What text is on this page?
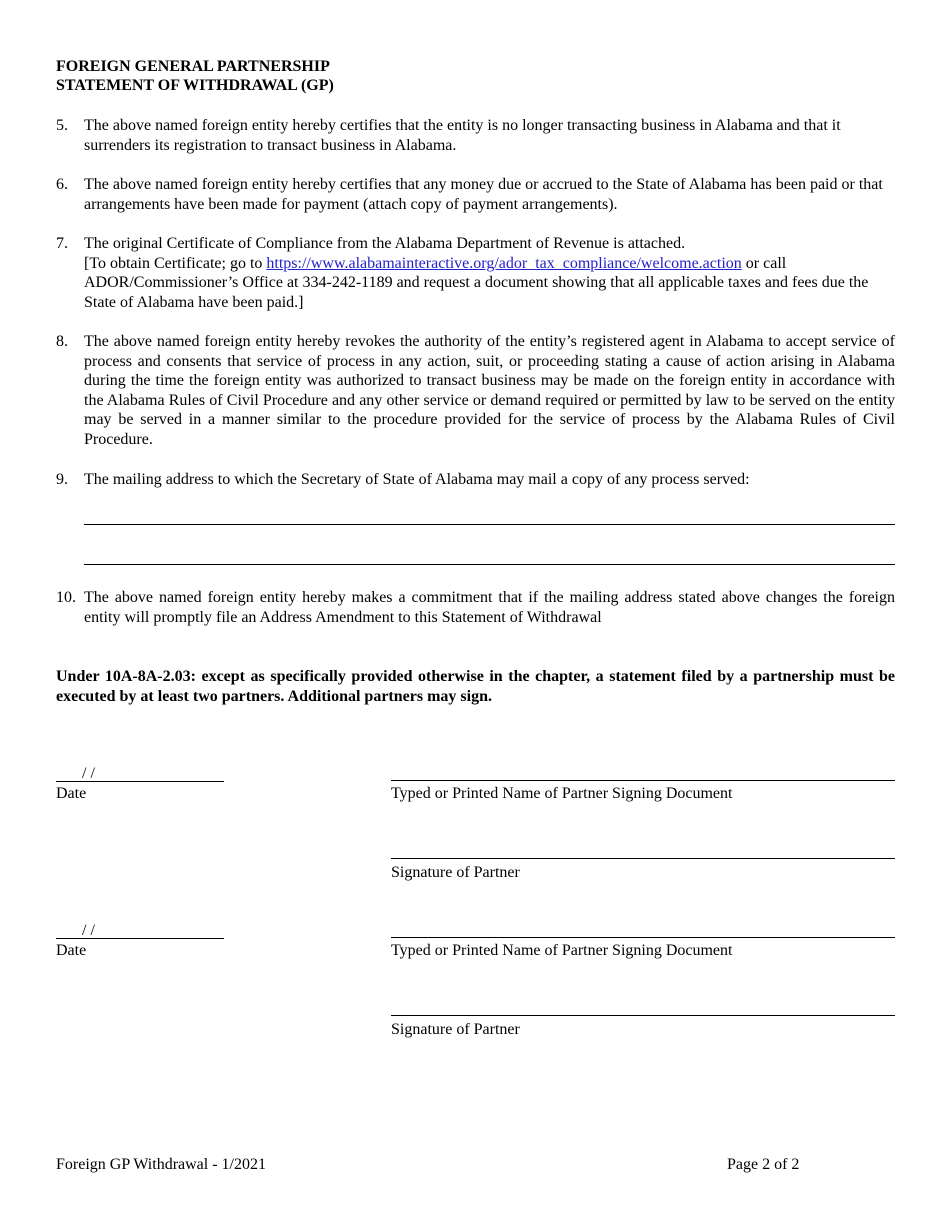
FOREIGN GENERAL PARTNERSHIP
STATEMENT OF WITHDRAWAL (GP)
5. The above named foreign entity hereby certifies that the entity is no longer transacting business in Alabama and that it surrenders its registration to transact business in Alabama.
6. The above named foreign entity hereby certifies that any money due or accrued to the State of Alabama has been paid or that arrangements have been made for payment (attach copy of payment arrangements).
7. The original Certificate of Compliance from the Alabama Department of Revenue is attached.
[To obtain Certificate; go to https://www.alabamainteractive.org/ador_tax_compliance/welcome.action or call ADOR/Commissioner’s Office at 334-242-1189 and request a document showing that all applicable taxes and fees due the State of Alabama have been paid.]
8. The above named foreign entity hereby revokes the authority of the entity’s registered agent in Alabama to accept service of process and consents that service of process in any action, suit, or proceeding stating a cause of action arising in Alabama during the time the foreign entity was authorized to transact business may be made on the foreign entity in accordance with the Alabama Rules of Civil Procedure and any other service or demand required or permitted by law to be served on the entity may be served in a manner similar to the procedure provided for the service of process by the Alabama Rules of Civil Procedure.
9. The mailing address to which the Secretary of State of Alabama may mail a copy of any process served:
10. The above named foreign entity hereby makes a commitment that if the mailing address stated above changes the foreign entity will promptly file an Address Amendment to this Statement of Withdrawal
Under 10A-8A-2.03: except as specifically provided otherwise in the chapter, a statement filed by a partnership must be executed by at least two partners. Additional partners may sign.
/ /
Date	Typed or Printed Name of Partner Signing Document
Signature of Partner
/ /
Date	Typed or Printed Name of Partner Signing Document
Signature of Partner
Foreign GP Withdrawal - 1/2021	Page 2 of 2
